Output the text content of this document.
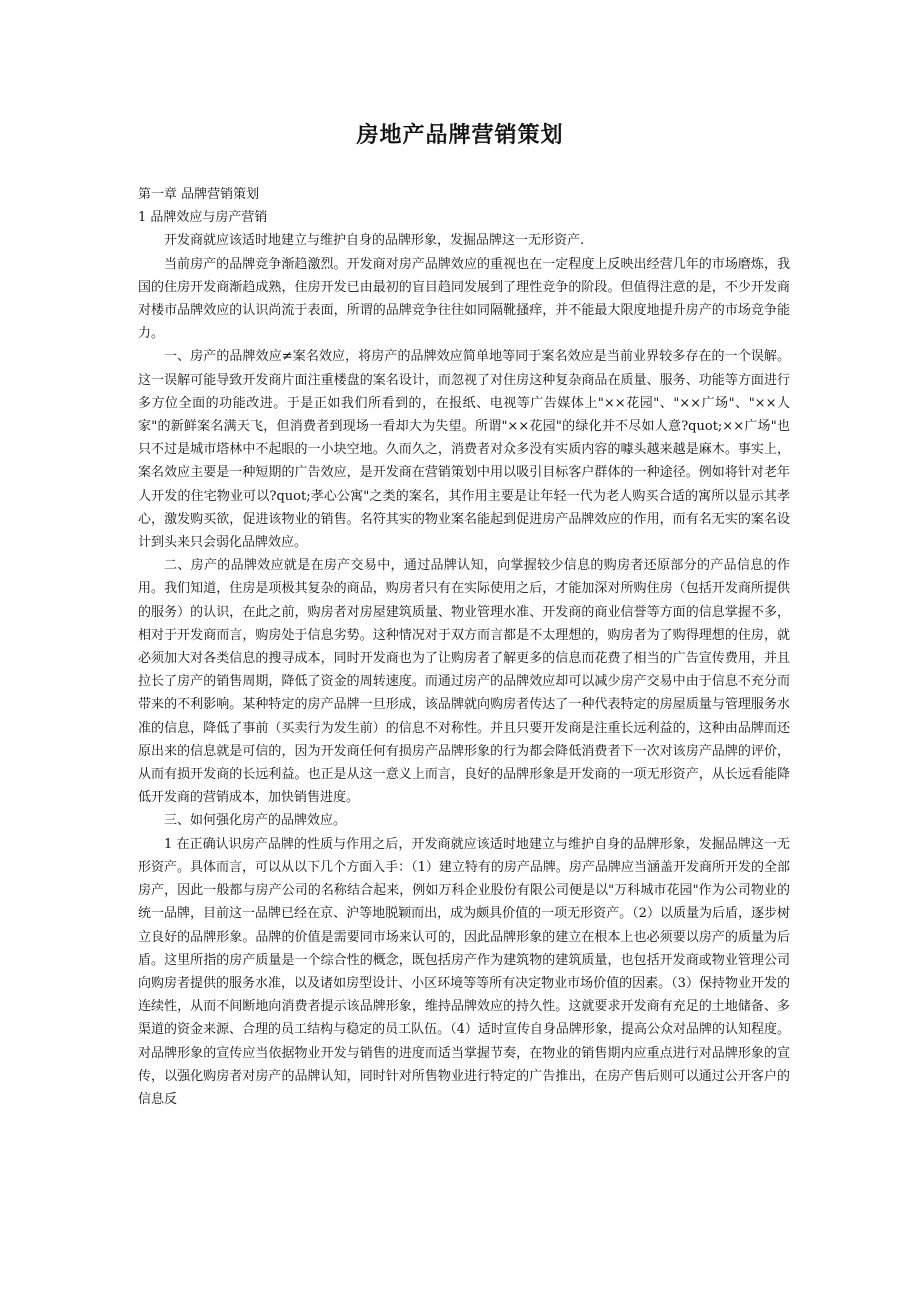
房地产品牌营销策划

第一章 品牌营销策划

1 品牌效应与房产营销

开发商就应该适时地建立与维护自身的品牌形象，发掘品牌这一无形资产.

当前房产的品牌竞争渐趋激烈。开发商对房产品牌效应的重视也在一定程度上反映出经营几年的市场磨炼，我国的住房开发商渐趋成熟，住房开发已由最初的盲目趋同发展到了理性竞争的阶段。但值得注意的是，不少开发商对楼市品牌效应的认识尚流于表面，所谓的品牌竞争往往如同隔靴搔痒，并不能最大限度地提升房产的市场竞争能力。

一、房产的品牌效应≠案名效应，将房产的品牌效应简单地等同于案名效应是当前业界较多存在的一个误解。这一误解可能导致开发商片面注重楼盘的案名设计，而忽视了对住房这种复杂商品在质量、服务、功能等方面进行多方位全面的功能改进。于是正如我们所看到的，在报纸、电视等广告媒体上"××花园"、"××广场"、"××人家"的新鲜案名满天飞，但消费者到现场一看却大为失望。所谓"××花园"的绿化并不尽如人意?quot;××广场"也只不过是城市塔林中不起眼的一小块空地。久而久之，消费者对众多没有实质内容的噱头越来越是麻木。事实上，案名效应主要是一种短期的广告效应，是开发商在营销策划中用以吸引目标客户群体的一种途径。例如将针对老年人开发的住宅物业可以?quot;孝心公寓"之类的案名，其作用主要是让年轻一代为老人购买合适的寓所以显示其孝心，激发购买欲，促进该物业的销售。名符其实的物业案名能起到促进房产品牌效应的作用，而有名无实的案名设计到头来只会弱化品牌效应。

二、房产的品牌效应就是在房产交易中，通过品牌认知，向掌握较少信息的购房者还原部分的产品信息的作用。我们知道，住房是项极其复杂的商品，购房者只有在实际使用之后，才能加深对所购住房（包括开发商所提供的服务）的认识，在此之前，购房者对房屋建筑质量、物业管理水准、开发商的商业信誉等方面的信息掌握不多，相对于开发商而言，购房处于信息劣势。这种情况对于双方而言都是不太理想的，购房者为了购得理想的住房，就必须加大对各类信息的搜寻成本，同时开发商也为了让购房者了解更多的信息而花费了相当的广告宣传费用，并且拉长了房产的销售周期，降低了资金的周转速度。而通过房产的品牌效应却可以减少房产交易中由于信息不充分而带来的不利影响。某种特定的房产品牌一旦形成，该品牌就向购房者传达了一种代表特定的房屋质量与管理服务水准的信息，降低了事前（买卖行为发生前）的信息不对称性。并且只要开发商是注重长远利益的，这种由品牌而还原出来的信息就是可信的，因为开发商任何有损房产品牌形象的行为都会降低消费者下一次对该房产品牌的评价，从而有损开发商的长远利益。也正是从这一意义上而言，良好的品牌形象是开发商的一项无形资产，从长远看能降低开发商的营销成本，加快销售进度。

三、如何强化房产的品牌效应。

1 在正确认识房产品牌的性质与作用之后，开发商就应该适时地建立与维护自身的品牌形象，发掘品牌这一无形资产。具体而言，可以从以下几个方面入手：（1）建立特有的房产品牌。房产品牌应当涵盖开发商所开发的全部房产，因此一般都与房产公司的名称结合起来，例如万科企业股份有限公司便是以"万科城市花园"作为公司物业的统一品牌，目前这一品牌已经在京、沪等地脱颖而出，成为颇具价值的一项无形资产。（2）以质量为后盾，逐步树立良好的品牌形象。品牌的价值是需要同市场来认可的，因此品牌形象的建立在根本上也必须要以房产的质量为后盾。这里所指的房产质量是一个综合性的概念，既包括房产作为建筑物的建筑质量，也包括开发商或物业管理公司向购房者提供的服务水准，以及诸如房型设计、小区环境等等所有决定物业市场价值的因素。（3）保持物业开发的连续性，从而不间断地向消费者提示该品牌形象，维持品牌效应的持久性。这就要求开发商有充足的土地储备、多渠道的资金来源、合理的员工结构与稳定的员工队伍。（4）适时宣传自身品牌形象，提高公众对品牌的认知程度。对品牌形象的宣传应当依据物业开发与销售的进度而适当掌握节奏，在物业的销售期内应重点进行对品牌形象的宣传，以强化购房者对房产的品牌认知，同时针对所售物业进行特定的广告推出，在房产售后则可以通过公开客户的信息反
